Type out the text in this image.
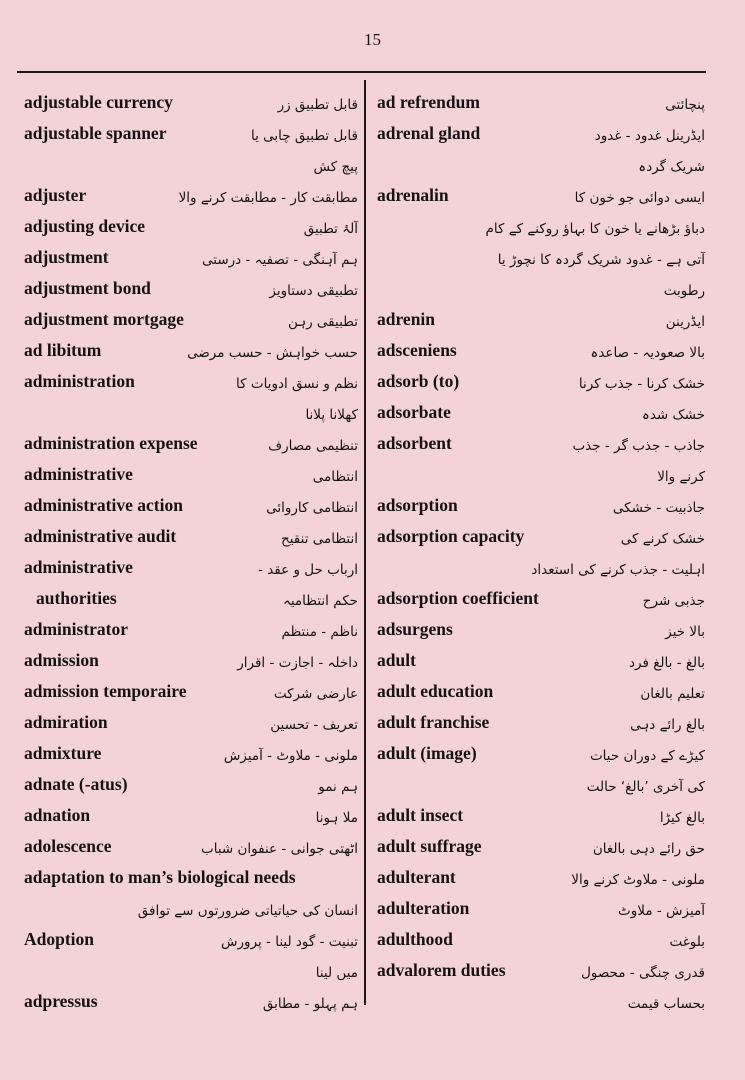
15
قابل تطبیق زر
adjustable currency
قابل تطبیق چابی یا
پیچ کش
adjustable spanner
مطابقت کار - مطابقت کرنے والا
adjuster
آلۂ تطبیق
adjusting device
ہم آہنگی - تصفیہ - درستی
adjustment
تطبیقی دستاویز
adjustment bond
تطبیقی رہن
adjustment mortgage
حسب خواہش - حسب مرضی
ad libitum
نظم و نسق ادویات کا
کھلانا پلانا
administration
تنظیمی مصارف
administration expense
انتظامی
administrative
انتظامی کاروائی
administrative action
انتظامی تنقیح
administrative audit
ارباب حل و عقد -
administrative
حکم انتظامیہ
authorities
ناظم - منتظم
administrator
داخلہ - اجازت - اقرار
admission
عارضی شرکت
admission temporaire
تعریف - تحسین
admiration
ملونی - ملاوٹ - آمیزش
admixture
ہم نمو
adnate (-atus)
ملا ہونا
adnation
اٹھتی جوانی - عنفوان شباب
adolescence

انسان کی حیاتیاتی ضرورتوں سے توافق
adaptation to man’s biological needs
تبنیت - گود لینا - پرورش
میں لینا
Adoption
ہم پہلو - مطابق
adpressus
پنچائتی
ad refrendum
ایڈرینل غدود - غدود
شریک گردہ
adrenal gland
ایسی دوائی جو خون کا
دباؤ بڑھانے یا خون کا بہاؤ روکنے کے کام
آتی ہے - غدود شریک گردہ کا نچوڑ یا
رطوبت
adrenalin
ایڈرینن
adrenin
بالا صعودیہ - صاعدہ
adsceniens
خشک کرنا - جذب کرنا
adsorb (to)
خشک شدہ
adsorbate
جاذب - جذب گر - جذب
کرنے والا
adsorbent
جاذبیت - خشکی
adsorption
خشک کرنے کی
اہلیت - جذب کرنے کی استعداد
adsorption capacity
جذبی شرح
adsorption coefficient
بالا خیز
adsurgens
بالغ - بالغ فرد
adult
تعلیم بالغان
adult education
بالغ رائے دہی
adult franchise
کیڑے کے دوران حیات
کی آخری ’بالغ‘ حالت
adult (image)
بالغ کیڑا
adult insect
حق رائے دہی بالغان
adult suffrage
ملونی - ملاوٹ کرنے والا
adulterant
آمیزش - ملاوٹ
adulteration
بلوغت
adulthood
قدری چنگی - محصول
بحساب قیمت
advalorem duties
